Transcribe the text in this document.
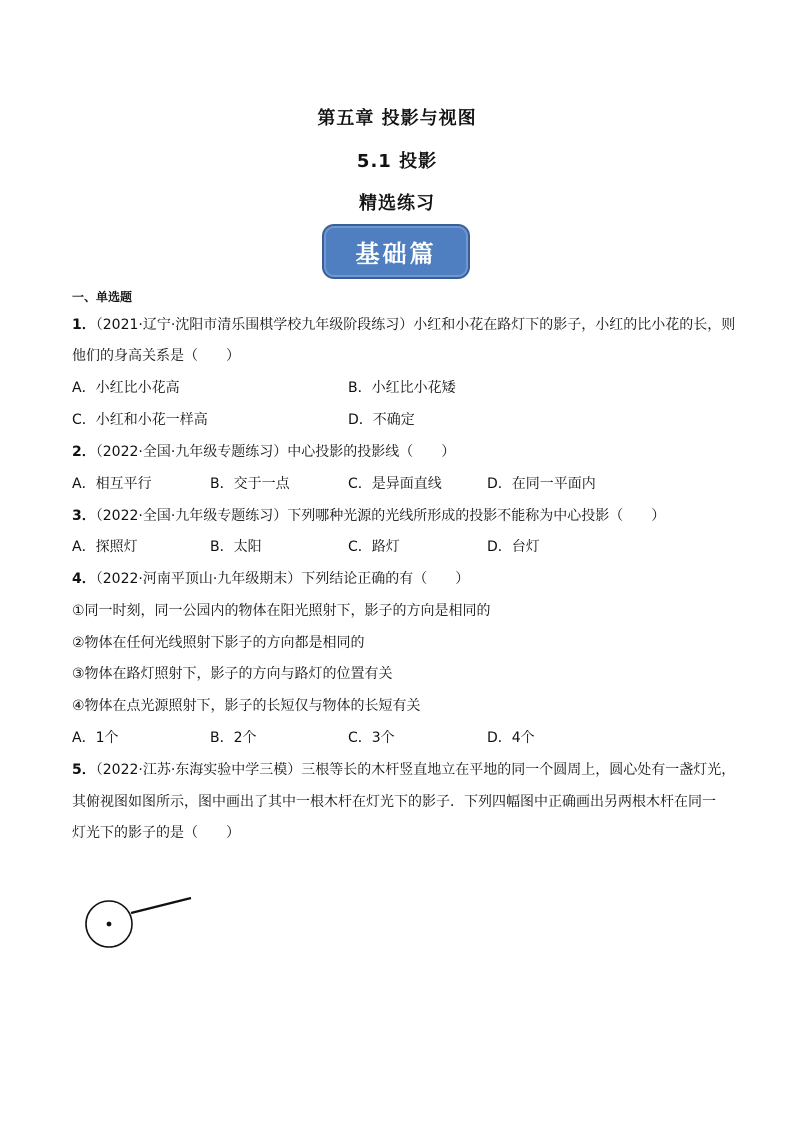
第五章 投影与视图
5.1 投影
精选练习
基础篇
一、单选题
1．（2021·辽宁·沈阳市清乐围棋学校九年级阶段练习）小红和小花在路灯下的影子，小红的比小花的长，则
他们的身高关系是（　　）
A．小红比小花高	B．小红比小花矮
C．小红和小花一样高	D．不确定
2．（2022·全国·九年级专题练习）中心投影的投影线（　　）
A．相互平行	B．交于一点	C．是异面直线	D．在同一平面内
3．（2022·全国·九年级专题练习）下列哪种光源的光线所形成的投影不能称为中心投影（　　）
A．探照灯	B．太阳	C．路灯	D．台灯
4．（2022·河南平顶山·九年级期末）下列结论正确的有（　　）
①同一时刻，同一公园内的物体在阳光照射下，影子的方向是相同的
②物体在任何光线照射下影子的方向都是相同的
③物体在路灯照射下，影子的方向与路灯的位置有关
④物体在点光源照射下，影子的长短仅与物体的长短有关
A．1个	B．2个	C．3个	D．4个
5．（2022·江苏·东海实验中学三模）三根等长的木杆竖直地立在平地的同一个圆周上，圆心处有一盏灯光，
其俯视图如图所示，图中画出了其中一根木杆在灯光下的影子．下列四幅图中正确画出另两根木杆在同一
灯光下的影子的是（　　）
